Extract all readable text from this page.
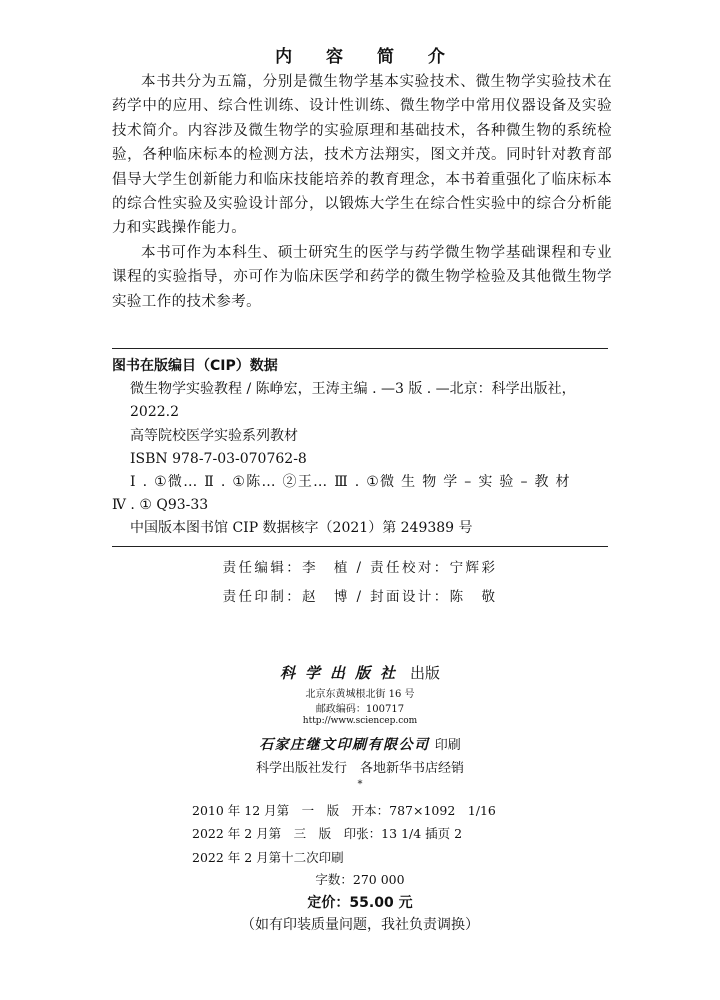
内 容 简 介

本书共分为五篇，分别是微生物学基本实验技术、微生物学实验技术在药学中的应用、综合性训练、设计性训练、微生物学中常用仪器设备及实验技术简介。内容涉及微生物学的实验原理和基础技术，各种微生物的系统检验，各种临床标本的检测方法，技术方法翔实，图文并茂。同时针对教育部倡导大学生创新能力和临床技能培养的教育理念，本书着重强化了临床标本的综合性实验及实验设计部分，以锻炼大学生在综合性实验中的综合分析能力和实践操作能力。

本书可作为本科生、硕士研究生的医学与药学微生物学基础课程和专业课程的实验指导，亦可作为临床医学和药学的微生物学检验及其他微生物学实验工作的技术参考。

图书在版编目（CIP）数据
微生物学实验教程 / 陈峥宏，王涛主编 . —3 版 . —北京：科学出版社，
2022.2
高等院校医学实验系列教材
ISBN 978-7-03-070762-8
Ⅰ . ①微… Ⅱ . ①陈… ②王… Ⅲ . ①微 生 物 学 – 实 验 – 教 材
Ⅳ . ① Q93-33
中国版本图书馆 CIP 数据核字（2021）第 249389 号
责任编辑：李　植 / 责任校对：宁辉彩
责任印制：赵　博 / 封面设计：陈　敬
科学出版社 出版
北京东黄城根北街 16 号
邮政编码：100717
http://www.sciencep.com
石家庄继文印刷有限公司 印刷
科学出版社发行　各地新华书店经销
*
2010 年 12 月第　一　版　开本：787×1092　1/16
2022 年 2 月第　三　版　印张：13 1/4 插页 2
2022 年 2 月第十二次印刷
字数：270 000
定价：55.00 元
（如有印装质量问题，我社负责调换）
